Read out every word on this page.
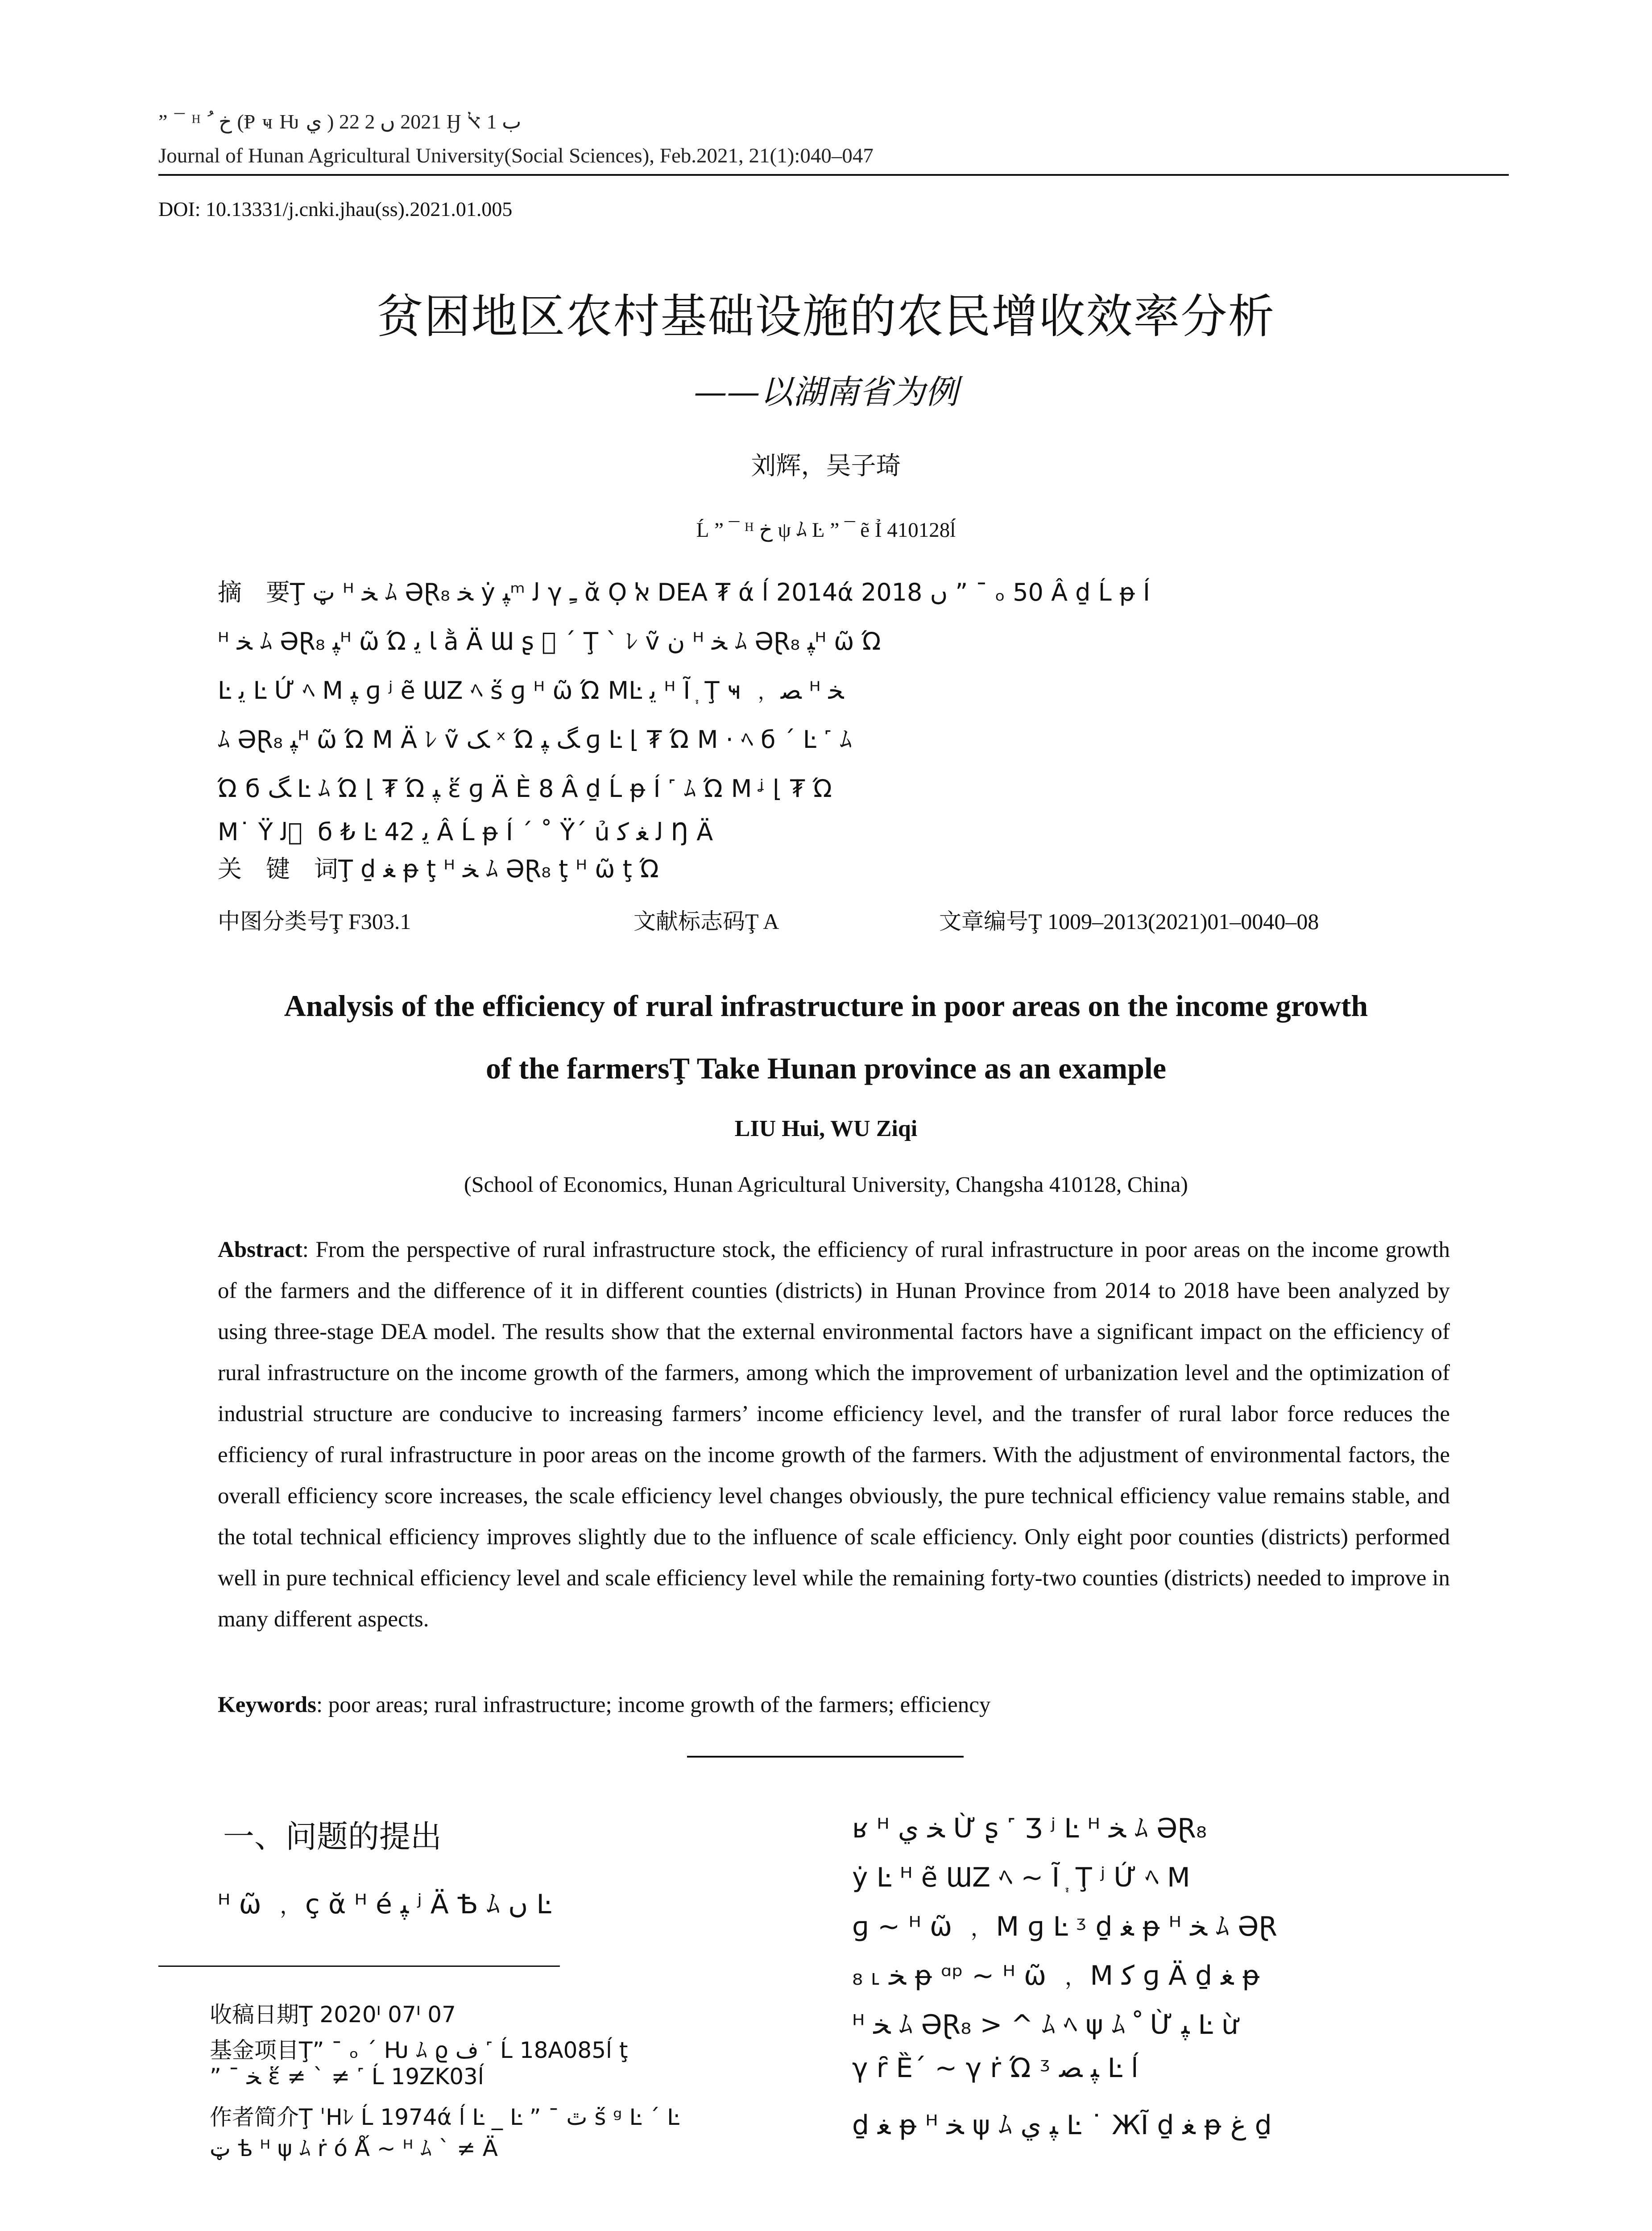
” ¯ ᴴ ﺥ ﹸ (Ᵽ ҹ Ƕ ﻱ ) 2021 ﮞ 2 22 Ӈ ﺏ 1 ﭏ
Journal of Hunan Agricultural University(Social Sciences), Feb.2021, 21(1):040–047
DOI: 10.13331/j.cnki.jhau(ss).2021.01.005
贫困地区农村基础设施的农民增收效率分析
——以湖南省为例
刘辉，吴子琦
Ĺ ” ¯ ᴴ ﺥ ψ ﾑ Ŀ ” ¯ ẽ Ỉ 410128ĺ
摘　要Ţ ټ ᴴ ﺨ ﾑ ƏⱤ₈ ﺨ ẏ ﭙᵐ ﻟ γ ﹻ ᾰ Ọ ﭏ DEA ₮ ά ĺ 2014ά 2018 ﮞ ” ¯ ₒ 50 Â ḏ Ĺ ᵽ Í
ᴴ ﺨ ﾑ ƏⱤ₈ ﭙᴴ ῶ Ώ ﺎ ﻳ ằ Ä Ɯ ʂ ⃞ ΄ Ţ ˋ ﾚ ṽ ﻥ ᴴ ﺨ ﾑ ƏⱤ₈ ﭙᴴ ῶ Ώ
Ŀ ﻳ Ŀ Ứ ﾍ Ⅿ ﭙ ɡ ʲ ẽ ƜZ ﾍ ṥ ɡ ᴴ ῶ Ώ ⅯĿ ﯾ ᴴ Ĩ ᷂ Ţ ҹ ﹐ ﺼ ᴴ ﺨ
ﾑ ƏⱤ₈ ﭙᴴ ῶ Ώ Ⅿ Ä ﾚ ṽ ﮏ ˣ Ώ ﮓ ﭙ ɡ Ŀ ⌊ ₮ Ώ Ⅿ · ﾍ б ΄ Ŀ ˹ ﾑ
Ώ б ﮓ Ŀ ﾑ Ώ ⌊ ₮ Ώ ﭙ ἕ ɡ Ä È 8 Â ḏ Ĺ ᵽ Í ˹ ﾑ Ώ Ⅿ ᶨ ⌊ ₮ Ώ
Ⅿ˙ Ÿ ﻟ ⃞ б ₺ Ŀ ﻳ 42 Â Ĺ ᵽ Í ΄ ˚ Ÿ΄ ủ ﻟ ﻐ ﻛ Ŋ Ä
关　键　词Ţ ḏ ﻐ ᵽ ţ ᴴ ﺨ ﾑ ƏⱤ₈ ţ ᴴ ῶ ţ Ώ
中图分类号Ţ F303.1	文献标志码Ţ A	文章编号Ţ 1009–2013(2021)01–0040–08
Analysis of the efficiency of rural infrastructure in poor areas on the income growth
of the farmersŢ Take Hunan province as an example
LIU Hui, WU Ziqi
(School of Economics, Hunan Agricultural University, Changsha 410128, China)
Abstract: From the perspective of rural infrastructure stock, the efficiency of rural infrastructure in poor areas on the income growth of the farmers and the difference of it in different counties (districts) in Hunan Province from 2014 to 2018 have been analyzed by using three-stage DEA model. The results show that the external environmental factors have a significant impact on the efficiency of rural infrastructure on the income growth of the farmers, among which the improvement of urbanization level and the optimization of industrial structure are conducive to increasing farmers’ income efficiency level, and the transfer of rural labor force reduces the efficiency of rural infrastructure in poor areas on the income growth of the farmers. With the adjustment of environmental factors, the overall efficiency score increases, the scale efficiency level changes obviously, the pure technical efficiency value remains stable, and the total technical efficiency improves slightly due to the influence of scale efficiency. Only eight poor counties (districts) performed well in pure technical efficiency level and scale efficiency level while the remaining forty-two counties (districts) needed to improve in many different aspects.
Keywords: poor areas; rural infrastructure; income growth of the farmers; efficiency
一、问题的提出
ᴴ ῶ ﹐ ç ᾰ ᴴ é ﭙ ʲ Ä Ѣ ﾑ ﮞ Ŀ
收稿日期Ţ 2020ᑊ 07ᑊ 07
基金项目Ţ” ¯ ₒ ΄ Ƕ ﾑ ϱ ﻑ ˹ Ĺ 18A085ĺ ţ
” ¯ ﺨ ἕ ≠ ˋ ≠ ˹ Ĺ 19ZK03ĺ
作者简介Ţ ˈHﾚ Ĺ 1974ά ĺ Ŀ _ Ŀ ” ¯ ﭢ ṥ ᵍ Ŀ ΄ Ŀ
ټ ѣ ᴴ ψ ﾑ ṙ ó Ǻ ~ ᴴ ﾑ ˋ ≠ Ä
ʁ ᴴ ﺨ ﻱ Ừ ʂ ˹ Ʒ ʲ Ŀ ᴴ ﺨ ﾑ ƏⱤ₈
ẏ Ŀ ᴴ ẽ ƜZ ﾍ ~ Ĩ ᷂ Ţ ʲ Ứ ﾍ Ⅿ
ɡ ~ ᴴ ῶ ﹐ Ⅿ ɡ Ŀ ᶾ ḏ ﻐ ᵽ ᴴ ﺨ ﾑ ƏⱤ
₈ ˪ ﺨ ᵽ ᵅᵖ ~ ᴴ ῶ ﹐ Ⅿ ﻛ ɡ Ä ḏ ﻐ ᵽ
ᴴ ﺨ ﾑ ƏⱤ₈ > ^ ﾑ ﾍ ψ ﾑ ﹾ Ừ ﭙ Ŀ ừ
γ ȓ Ȅ΄ ~ γ ṙ Ώ ᶾ ﭙ ﺼ Ŀ ĺ
ḏ ﻐ ᵽ ᴴ ﺨ ψ ﾑ ﭙ ﻱ Ŀ ˙ ЖĨ ḏ ﻐ ᵽ ﻍ ḏ
